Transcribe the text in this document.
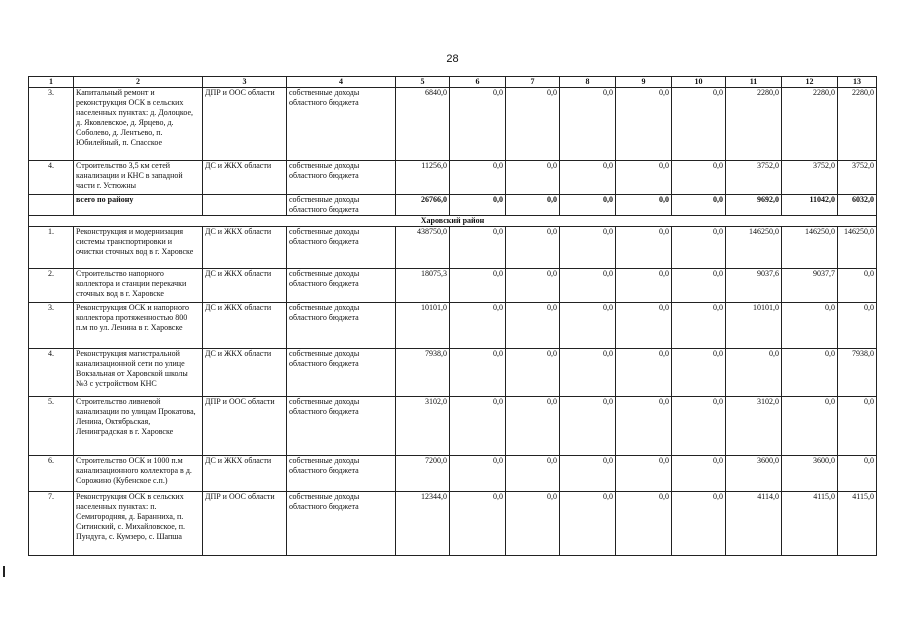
28
1	2	3	4	5	6	7	8	9	10	11	12	13
3.	Капитальный ремонт и реконструкция ОСК в сельских населенных пунктах: д. Долоцкое, д. Яковлевское, д. Ярцево, д. Соболево, д. Лентьево, п. Юбилейный, п. Спасское	ДПР и ООС области	собственные доходы областного бюджета	6840,0	0,0	0,0	0,0	0,0	0,0	2280,0	2280,0	2280,0
4.	Строительство 3,5 км сетей канализации и КНС в западной части г. Устюжны	ДС и ЖКХ области	собственные доходы областного бюджета	11256,0	0,0	0,0	0,0	0,0	0,0	3752,0	3752,0	3752,0
	всего по району		собственные доходы областного бюджета	26766,0	0,0	0,0	0,0	0,0	0,0	9692,0	11042,0	6032,0
Харовский район												
1.	Реконструкция и модернизация системы транспортировки и очистки сточных вод в г. Харовске	ДС и ЖКХ области	собственные доходы областного бюджета	438750,0	0,0	0,0	0,0	0,0	0,0	146250,0	146250,0	146250,0
2.	Строительство напорного коллектора и станции перекачки сточных вод в г. Харовске	ДС и ЖКХ области	собственные доходы областного бюджета	18075,3	0,0	0,0	0,0	0,0	0,0	9037,6	9037,7	0,0
3.	Реконструкция ОСК и напорного коллектора протяженностью 800 п.м по ул. Ленина в г. Харовске	ДС и ЖКХ области	собственные доходы областного бюджета	10101,0	0,0	0,0	0,0	0,0	0,0	10101,0	0,0	0,0
4.	Реконструкция магистральной канализационной сети по улице Вокзальная от Харовской школы №3 с устройством КНС	ДС и ЖКХ области	собственные доходы областного бюджета	7938,0	0,0	0,0	0,0	0,0	0,0	0,0	0,0	7938,0
5.	Строительство ливневой канализации по улицам Прокатова, Ленина, Октябрьская, Ленинградская в г. Харовске	ДПР и ООС области	собственные доходы областного бюджета	3102,0	0,0	0,0	0,0	0,0	0,0	3102,0	0,0	0,0
6.	Строительство ОСК и 1000 п.м канализационного коллектора в д. Сорожино (Кубенское с.п.)	ДС и ЖКХ области	собственные доходы областного бюджета	7200,0	0,0	0,0	0,0	0,0	0,0	3600,0	3600,0	0,0
7.	Реконструкция ОСК в сельских населенных пунктах: п. Семигородняя, д. Баранниха, п. Ситинский, с. Михайловское, п. Пундуга, с. Кумзеро, с. Шапша	ДПР и ООС области	собственные доходы областного бюджета	12344,0	0,0	0,0	0,0	0,0	0,0	4114,0	4115,0	4115,0
